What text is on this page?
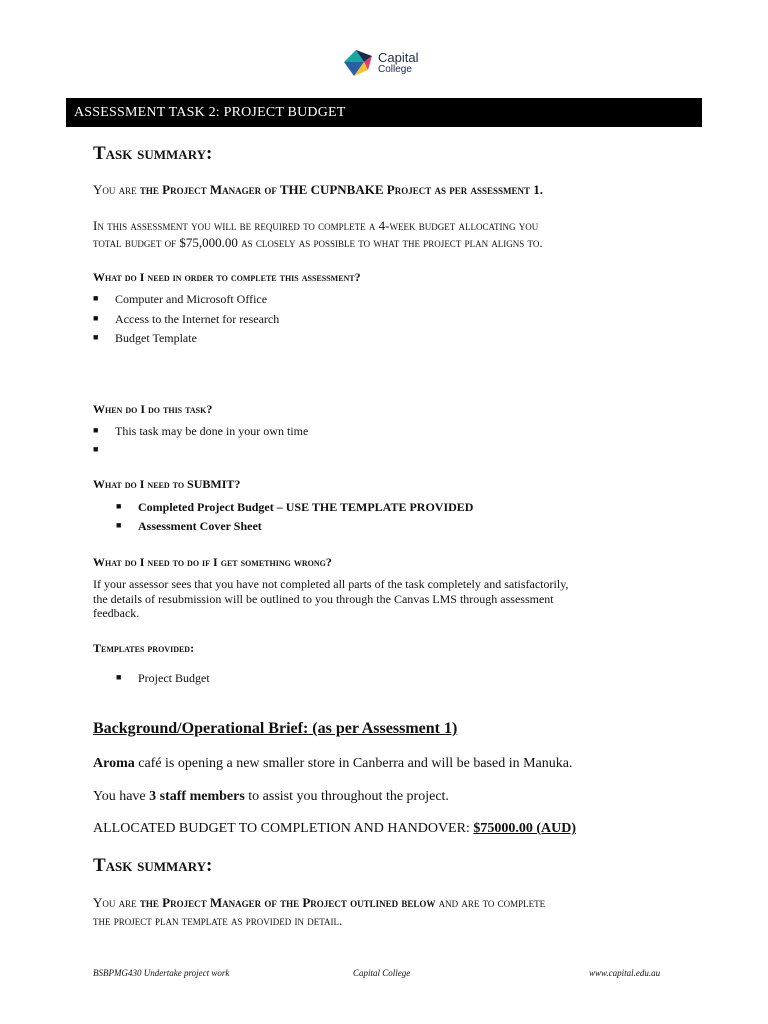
Capital
College
ASSESSMENT TASK 2: PROJECT BUDGET
Task summary:
You are the Project Manager of THE CUPNBAKE Project as per assessment 1.
In this assessment you will be required to complete a 4-week budget allocating you
total budget of $75,000.00 as closely as possible to what the project plan aligns to.
What do I need in order to complete this assessment?
■ Computer and Microsoft Office
■ Access to the Internet for research
■ Budget Template
When do I do this task?
■ This task may be done in your own time
■
What do I need to SUBMIT?
■ Completed Project Budget – USE THE TEMPLATE PROVIDED
■ Assessment Cover Sheet
What do I need to do if I get something wrong?
If your assessor sees that you have not completed all parts of the task completely and satisfactorily,
the details of resubmission will be outlined to you through the Canvas LMS through assessment
feedback.
Templates provided:
■ Project Budget
Background/Operational Brief: (as per Assessment 1)
Aroma café is opening a new smaller store in Canberra and will be based in Manuka.
You have 3 staff members to assist you throughout the project.
ALLOCATED BUDGET TO COMPLETION AND HANDOVER: $75000.00 (AUD)
Task summary:
You are the Project Manager of the Project outlined below and are to complete
the project plan template as provided in detail.
BSBPMG430 Undertake project work	Capital College	www.capital.edu.au
